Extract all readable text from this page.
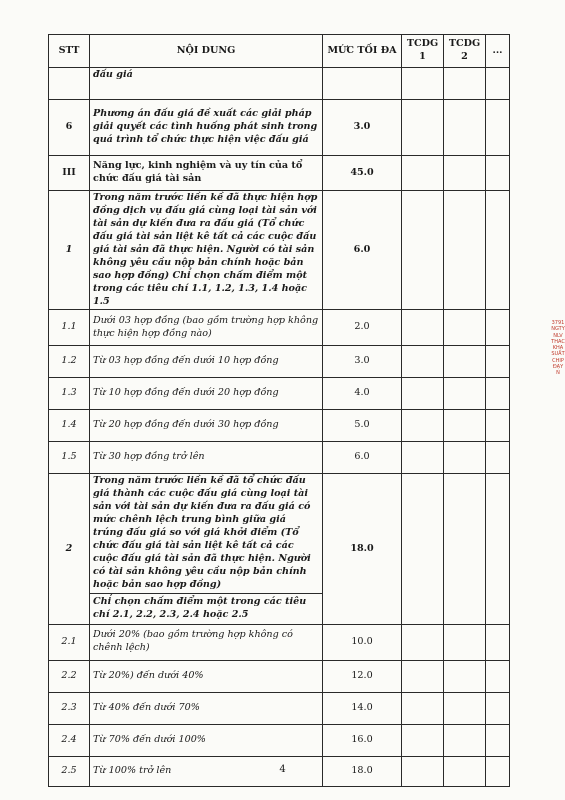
STT	NỘI DUNG	MỨC TỐI ĐA	TCDG 1	TCDG 2	...
	đấu giá				
6	Phương án đấu giá đề xuất các giải pháp giải quyết các tình huống phát sinh trong quá trình tổ chức thực hiện việc đấu giá	3.0			
III	Năng lực, kinh nghiệm và uy tín của tổ chức đấu giá tài sản	45.0			
1	Trong năm trước liền kề đã thực hiện hợp đồng dịch vụ đấu giá cùng loại tài sản với tài sản dự kiến đưa ra đấu giá (Tổ chức đấu giá tài sản liệt kê tất cả các cuộc đấu giá tài sản đã thực hiện. Người có tài sản không yêu cầu nộp bản chính hoặc bản sao hợp đồng) Chỉ chọn chấm điểm một trong các tiêu chí 1.1, 1.2, 1.3, 1.4 hoặc 1.5	6.0			
1.1	Dưới 03 hợp đồng (bao gồm trường hợp không thực hiện hợp đồng nào)	2.0			
1.2	Từ 03 hợp đồng đến dưới 10 hợp đồng	3.0			
1.3	Từ 10 hợp đồng đến dưới 20 hợp đồng	4.0			
1.4	Từ 20 hợp đồng đến dưới 30 hợp đồng	5.0			
1.5	Từ 30 hợp đồng trở lên	6.0			
2	Trong năm trước liền kề đã tổ chức đấu giá thành các cuộc đấu giá cùng loại tài sản với tài sản dự kiến đưa ra đấu giá có mức chênh lệch trung bình giữa giá trúng đấu giá so với giá khởi điểm (Tổ chức đấu giá tài sản liệt kê tất cả các cuộc đấu giá tài sản đã thực hiện. Người có tài sản không yêu cầu nộp bản chính hoặc bản sao hợp đồng)	18.0			
	Chỉ chọn chấm điểm một trong các tiêu chí 2.1, 2.2, 2.3, 2.4 hoặc 2.5				
2.1	Dưới 20% (bao gồm trường hợp không có chênh lệch)	10.0			
2.2	Từ 20%) đến dưới 40%	12.0			
2.3	Từ 40% đến dưới 70%	14.0			
2.4	Từ 70% đến dưới 100%	16.0			
2.5	Từ 100% trở lên	18.0			
4
3791 NGTY NLV THAC KHA SUẤT CHIP ĐẠY N
